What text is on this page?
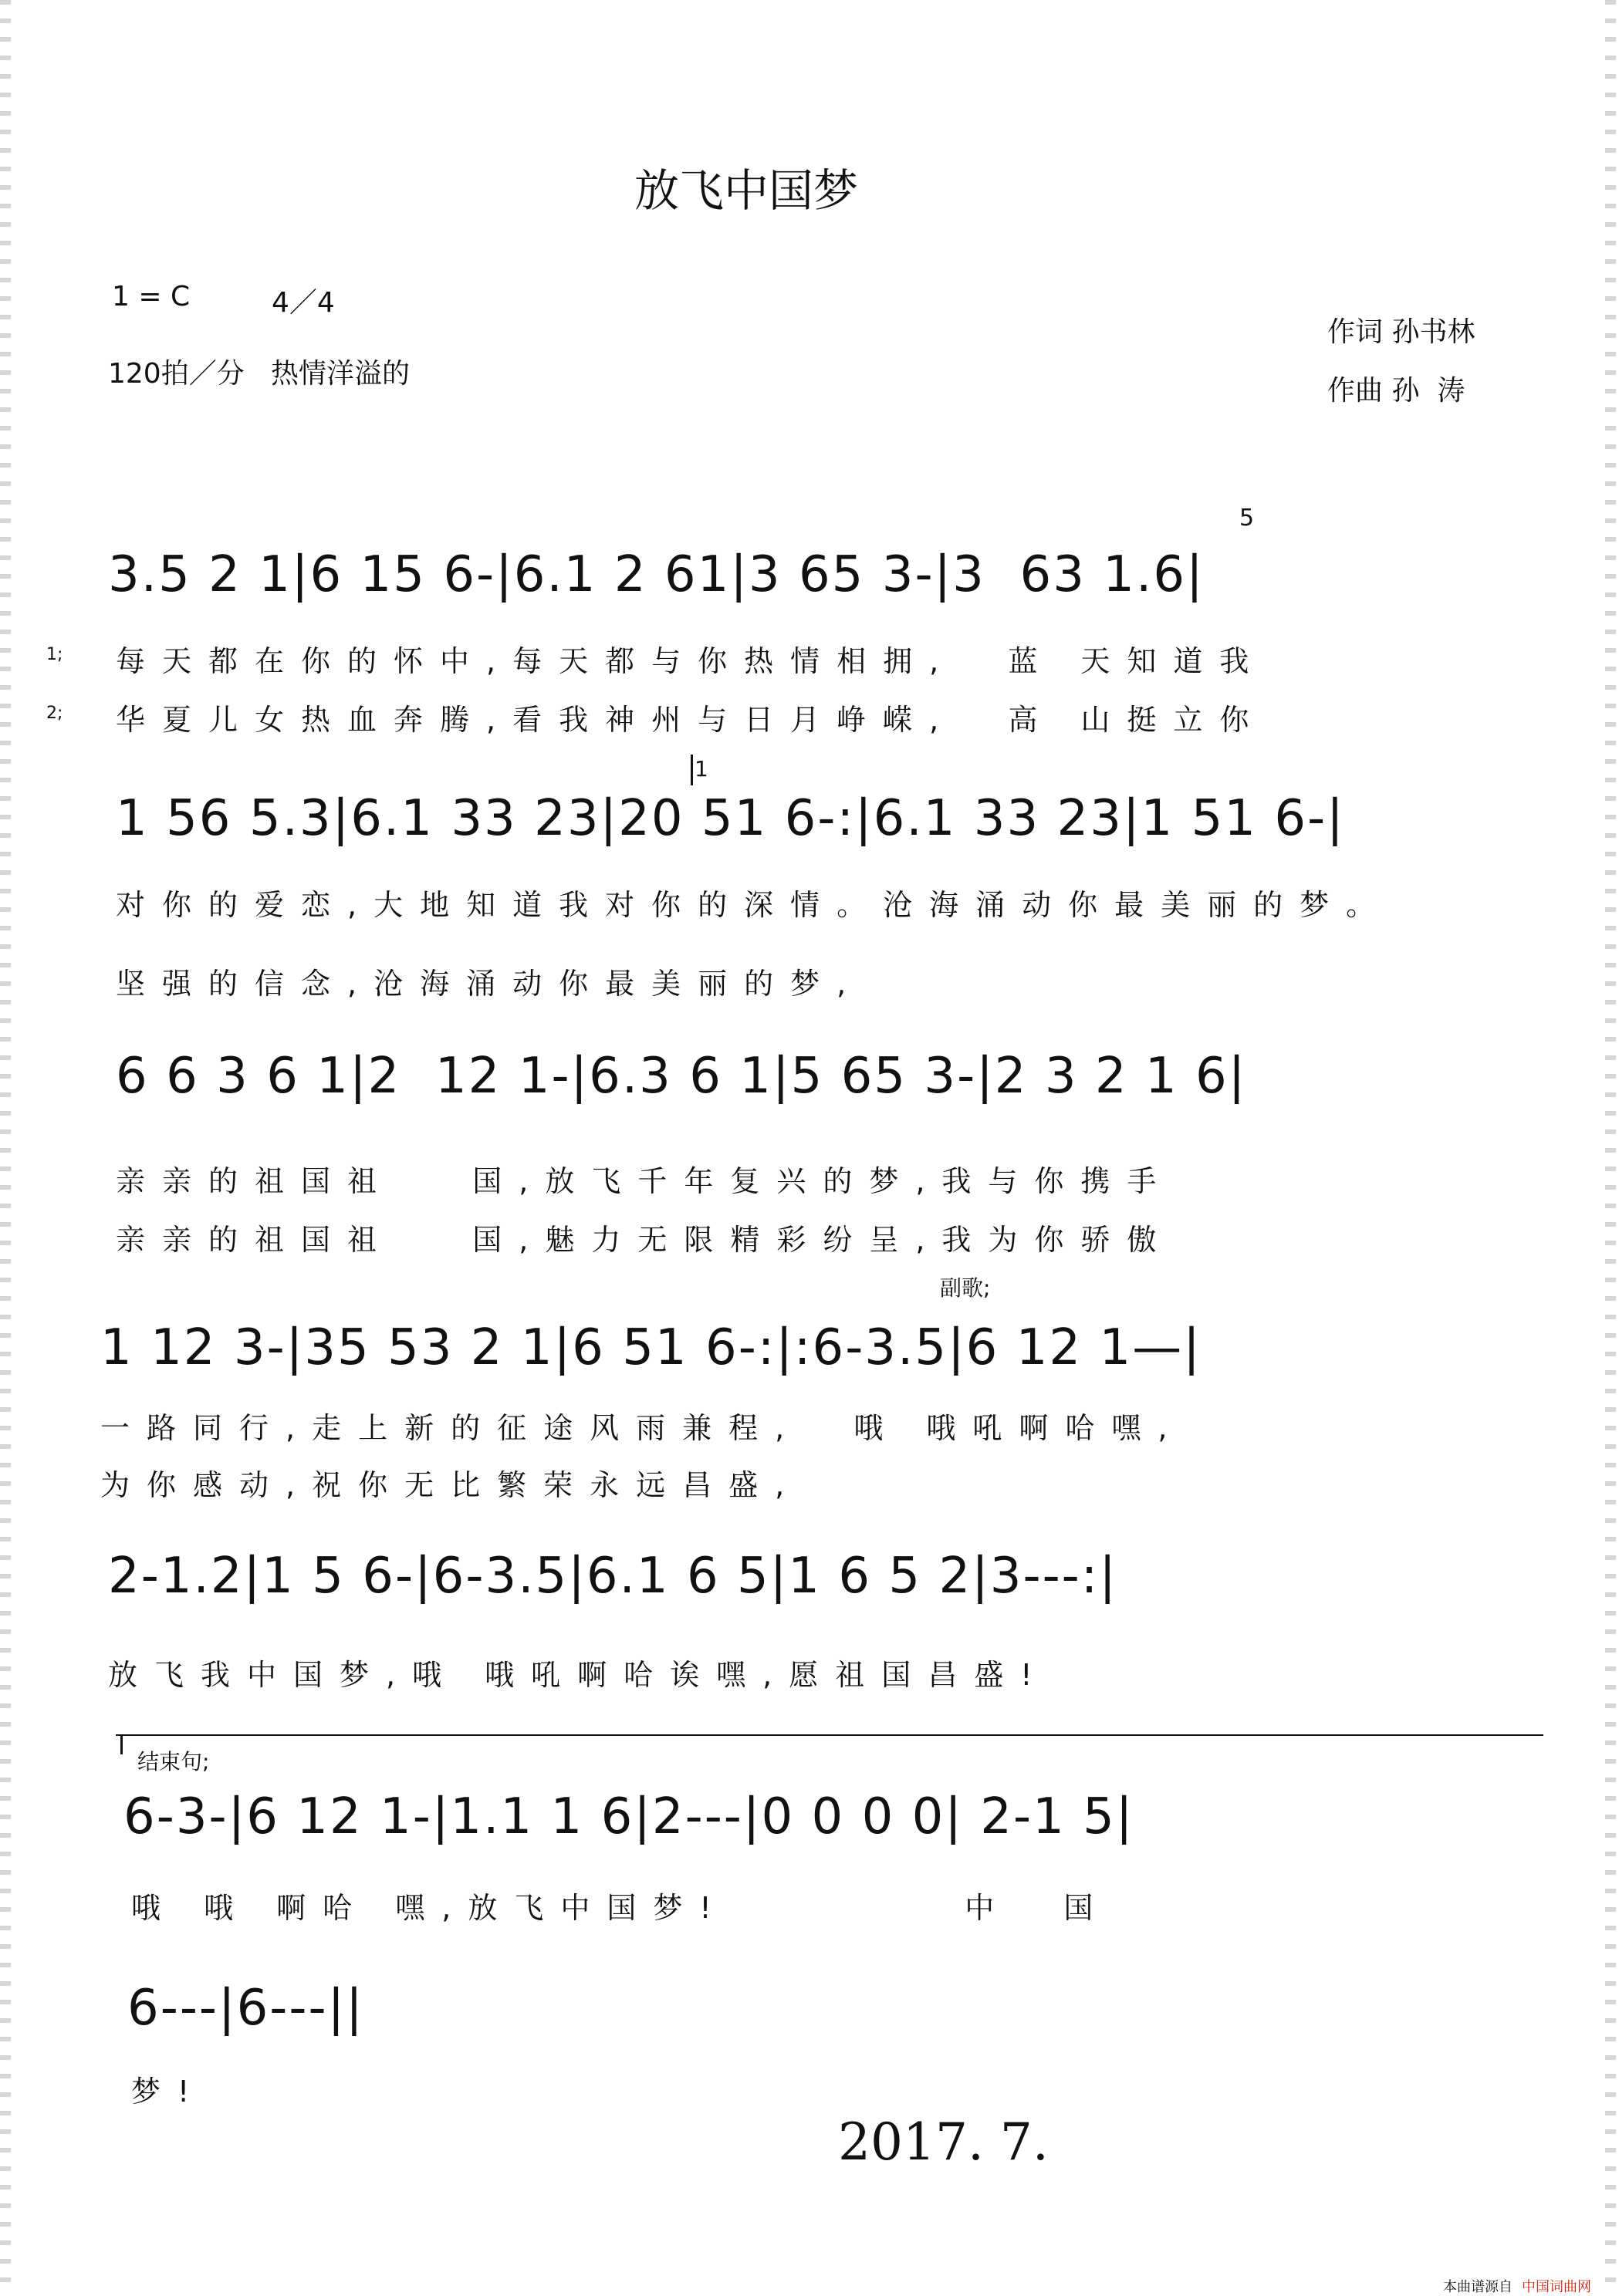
放飞中国梦
1 = C	4／4
120拍／分   热情洋溢的
作词 孙书林
作曲 孙  涛
5
3.5 2 1|6 15 6-|6.1 2 61|3 65 3-|3  63 1.6|
1; 每天都在你的怀中,每天都与你热情相拥,  蓝 天知道我
2; 华夏儿女热血奔腾,看我神州与日月峥嵘,  高 山挺立你
1
1 56 5.3|6.1 33 23|20 51 6-:|6.1 33 23|1 51 6-|
对你的爱恋,大地知道我对你的深情。沧海涌动你最美丽的梦。
坚强的信念,沧海涌动你最美丽的梦,
6 6 3 6 1|2  12 1-|6.3 6 1|5 65 3-|2 3 2 1 6|
亲亲的祖国祖   国,放飞千年复兴的梦,我与你携手
亲亲的祖国祖   国,魅力无限精彩纷呈,我为你骄傲
副歌;
1 12 3-|35 53 2 1|6 51 6-:|:6-3.5|6 12 1—|
一路同行,走上新的征途风雨兼程,  哦 哦吼啊哈嘿,
为你感动,祝你无比繁荣永远昌盛,
2-1.2|1 5 6-|6-3.5|6.1 6 5|1 6 5 2|3---:|
放飞我中国梦,哦 哦吼啊哈诶嘿,愿祖国昌盛!
结束句;
6-3-|6 12 1-|1.1 1 6|2---|0 0 0 0| 2-1 5|
哦 哦 啊哈 嘿,放飞中国梦!         中  国
6---|6---||
梦!
2017. 7.
本曲谱源自 中国词曲网
